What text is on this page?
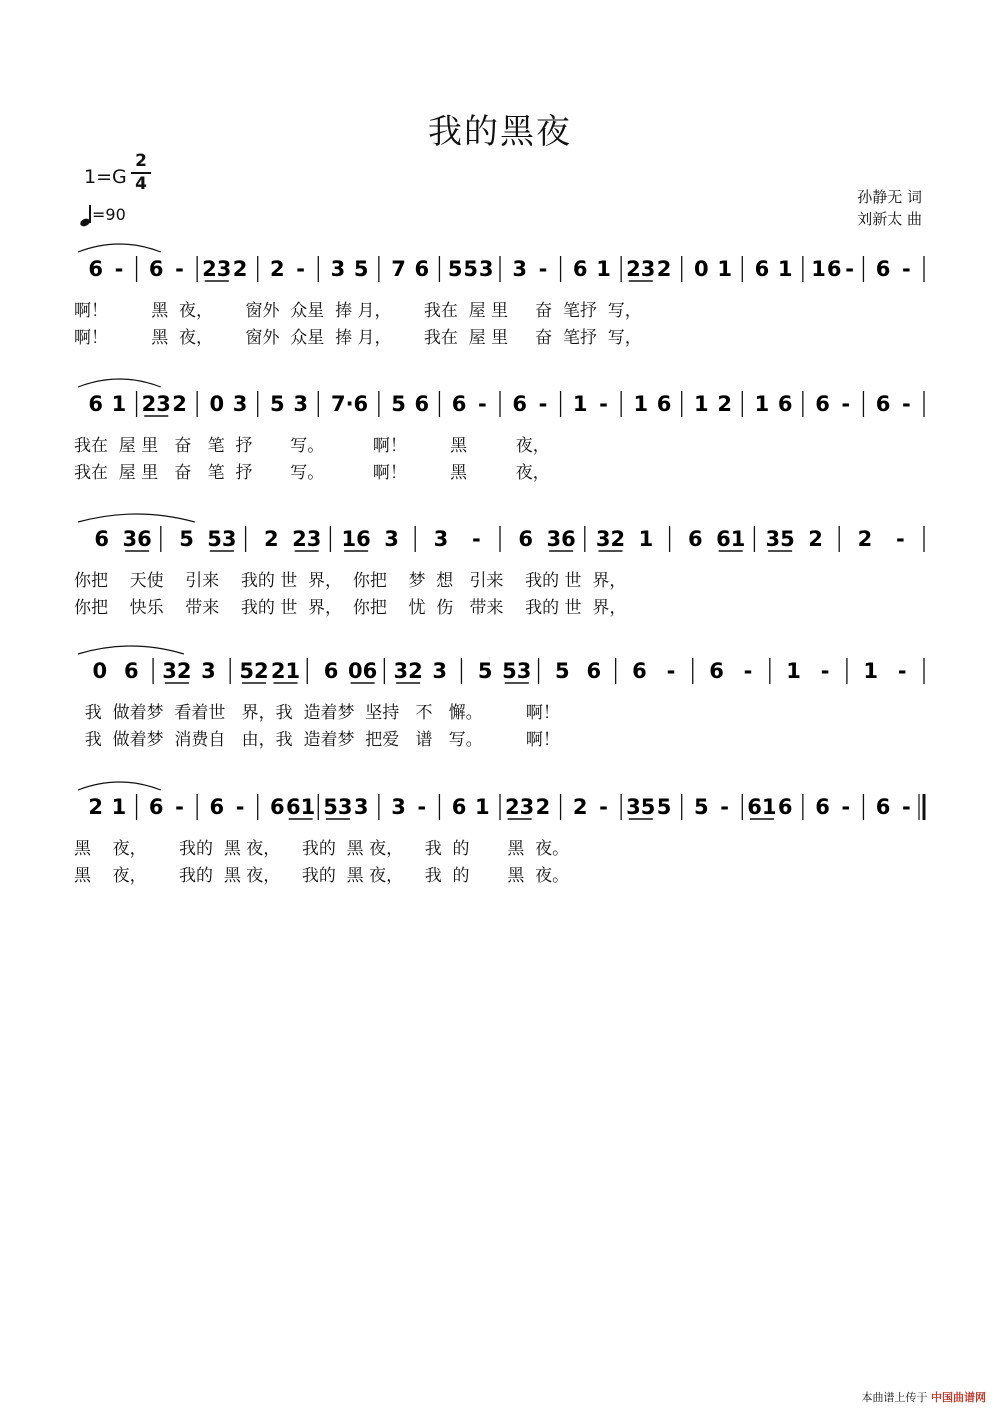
我的黑夜
1=G
2
4
=90
孙静无 词
刘新太 曲
6 - 6 - 23 2 2 - 3 5 7 6 5 5 3 3 - 6 1 23 2 0 1 6 1 1 6 - 6 -
啊！        黑  夜，      窗外  众星  捧 月，      我在  屋 里     奋  笔抒  写，
啊！        黑  夜，      窗外  众星  捧 月，      我在  屋 里     奋  笔抒  写，
6 1 23 2 0 3 5 3 7·6 5 6 6 - 6 - 1 - 1 6 1 2 1 6 6 - 6 -
我在  屋 里   奋   笔  抒       写。         啊！        黑         夜，
我在  屋 里   奋   笔  抒       写。         啊！        黑         夜，
6 36 5 53 2 23 16 3 3 - 6 36 32 1 6 61 35 2 2 -
你把    天使    引来    我的 世  界，  你把    梦  想   引来    我的 世  界，
你把    快乐    带来    我的 世  界，  你把    忧  伤   带来    我的 世  界，
0 6 32 3 52 21 6 06 32 3 5 53 5 6 6 - 6 - 1 - 1 -
我  做着梦  看着世   界，我  造着梦  坚持   不   懈。        啊！
我  做着梦  消费自   由，我  造着梦  把爱   谱   写。        啊！
2 1 6 - 6 - 6 61 53 3 3 - 6 1 23 2 2 - 35 5 5 - 61 6 6 - 6 -
黑    夜，      我的  黑 夜，    我的  黑 夜，    我  的       黑  夜。
黑    夜，      我的  黑 夜，    我的  黑 夜，    我  的       黑  夜。
本曲谱上传于 中国曲谱网
